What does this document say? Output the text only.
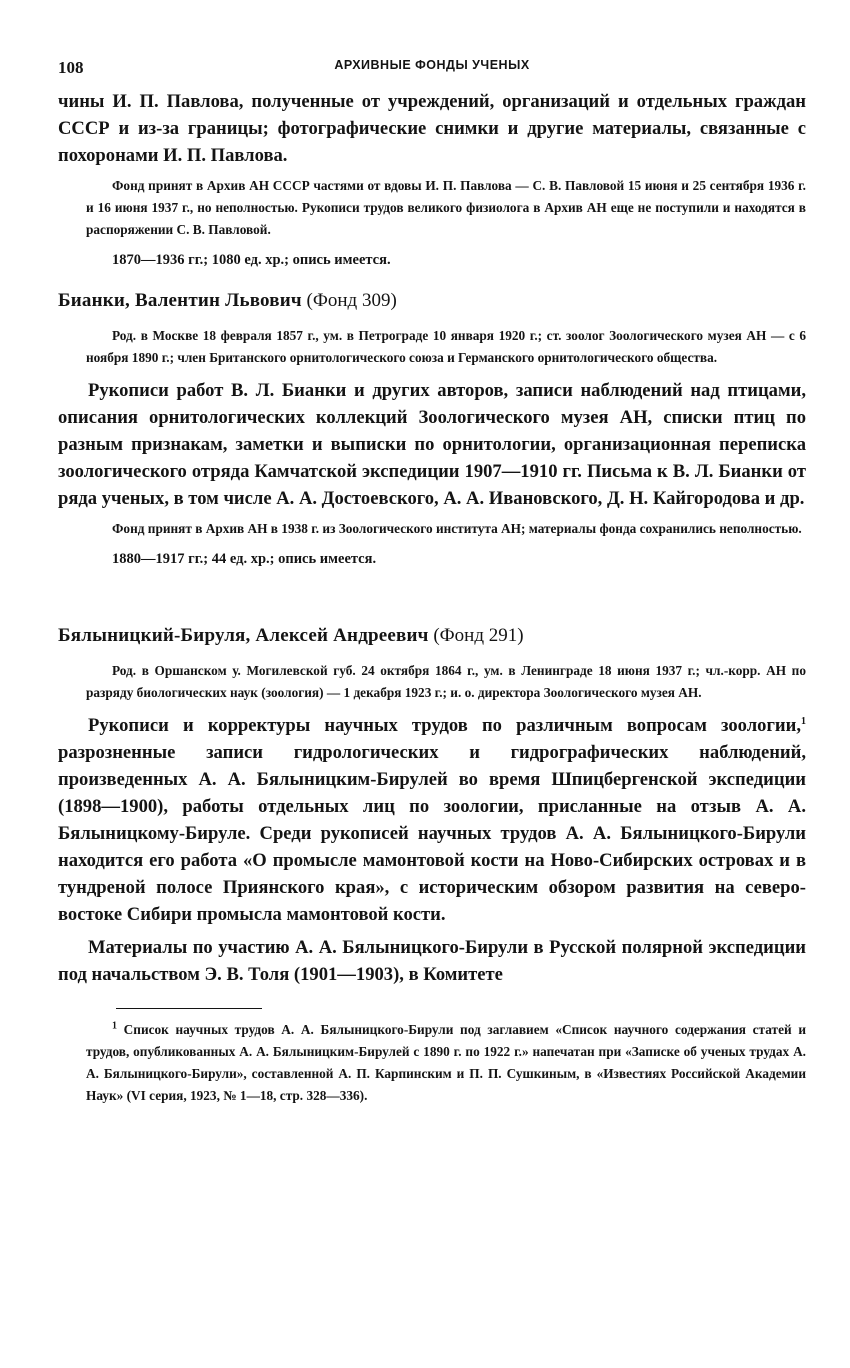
108	АРХИВНЫЕ ФОНДЫ УЧЕНЫХ

чины И. П. Павлова, полученные от учреждений, организаций и отдельных граждан СССР и из-за границы; фотографические снимки и другие материалы, связанные с похоронами И. П. Павлова.

Фонд принят в Архив АН СССР частями от вдовы И. П. Павлова — С. В. Павловой 15 июня и 25 сентября 1936 г. и 16 июня 1937 г., но неполностью. Рукописи трудов великого физиолога в Архив АН еще не поступили и находятся в распоряжении С. В. Павловой.

1870—1936 гг.; 1080 ед. хр.; опись имеется.

Бианки, Валентин Львович (Фонд 309)

Род. в Москве 18 февраля 1857 г., ум. в Петрограде 10 января 1920 г.; ст. зоолог Зоологического музея АН — с 6 ноября 1890 г.; член Британского орнитологического союза и Германского орнитологического общества.

Рукописи работ В. Л. Бианки и других авторов, записи наблюдений над птицами, описания орнитологических коллекций Зоологического музея АН, списки птиц по разным признакам, заметки и выписки по орнитологии, организационная переписка зоологического отряда Камчатской экспедиции 1907—1910 гг. Письма к В. Л. Бианки от ряда ученых, в том числе А. А. Достоевского, А. А. Ивановского, Д. Н. Кайгородова и др.

Фонд принят в Архив АН в 1938 г. из Зоологического института АН; материалы фонда сохранились неполностью.

1880—1917 гг.; 44 ед. хр.; опись имеется.

Бялыницкий-Бируля, Алексей Андреевич (Фонд 291)

Род. в Оршанском у. Могилевской губ. 24 октября 1864 г., ум. в Ленинграде 18 июня 1937 г.; чл.-корр. АН по разряду биологических наук (зоология) — 1 декабря 1923 г.; и. о. директора Зоологического музея АН.

Рукописи и корректуры научных трудов по различным вопросам зоологии,$^1$ разрозненные записи гидрологических и гидрографических наблюдений, произведенных А. А. Бялыницким-Бирулей во время Шпицбергенской экспедиции (1898—1900), работы отдельных лиц по зоологии, присланные на отзыв А. А. Бялыницкому-Бируле. Среди рукописей научных трудов А. А. Бялыницкого-Бирули находится его работа «О промысле мамонтовой кости на Ново-Сибирских островах и в тундреной полосе Приянского края», с историческим обзором развития на северо-востоке Сибири промысла мамонтовой кости.

Материалы по участию А. А. Бялыницкого-Бирули в Русской полярной экспедиции под начальством Э. В. Толя (1901—1903), в Комитете

$^1$ Список научных трудов А. А. Бялыницкого-Бирули под заглавием «Список научного содержания статей и трудов, опубликованных А. А. Бялыницким-Бирулей с 1890 г. по 1922 г.» напечатан при «Записке об ученых трудах А. А. Бялыницкого-Бирули», составленной А. П. Карпинским и П. П. Сушкиным, в «Известиях Российской Академии Наук» (VI серия, 1923, № 1—18, стр. 328—336).
